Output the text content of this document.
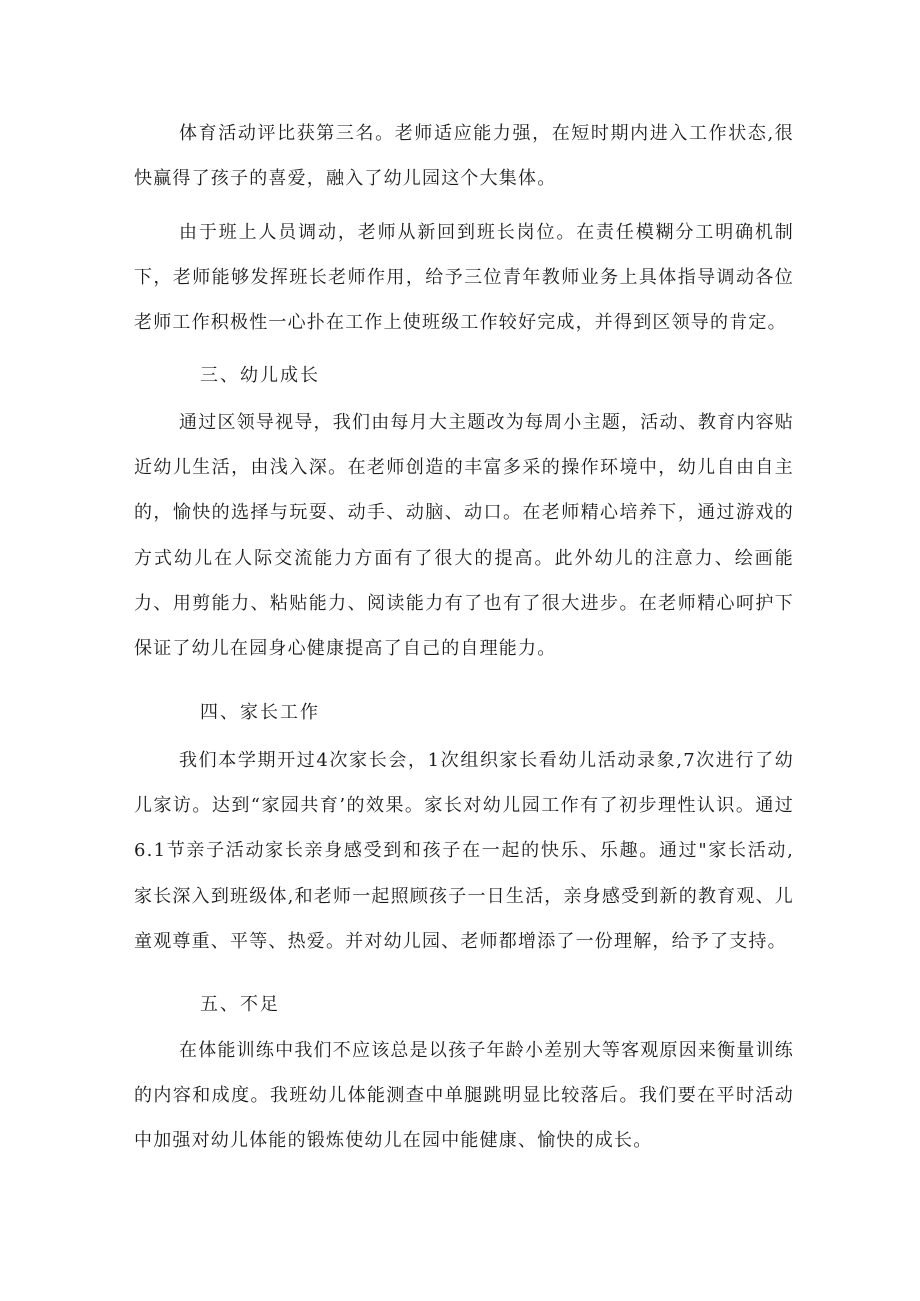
体育活动评比获第三名。老师适应能力强，在短时期内进入工作状态,很快赢得了孩子的喜爱，融入了幼儿园这个大集体。

由于班上人员调动，老师从新回到班长岗位。在责任模糊分工明确机制下，老师能够发挥班长老师作用，给予三位青年教师业务上具体指导调动各位老师工作积极性一心扑在工作上使班级工作较好完成，并得到区领导的肯定。

三、幼儿成长

通过区领导视导，我们由每月大主题改为每周小主题，活动、教育内容贴近幼儿生活，由浅入深。在老师创造的丰富多采的操作环境中，幼儿自由自主的，愉快的选择与玩耍、动手、动脑、动口。在老师精心培养下，通过游戏的方式幼儿在人际交流能力方面有了很大的提高。此外幼儿的注意力、绘画能力、用剪能力、粘贴能力、阅读能力有了也有了很大进步。在老师精心呵护下保证了幼儿在园身心健康提高了自己的自理能力。

四、家长工作

我们本学期开过4次家长会，1次组织家长看幼儿活动录象,7次进行了幼儿家访。达到“家园共育’的效果。家长对幼儿园工作有了初步理性认识。通过6.1节亲子活动家长亲身感受到和孩子在一起的快乐、乐趣。通过"家长活动,家长深入到班级体,和老师一起照顾孩子一日生活，亲身感受到新的教育观、儿童观尊重、平等、热爱。并对幼儿园、老师都增添了一份理解，给予了支持。

五、不足

在体能训练中我们不应该总是以孩子年龄小差别大等客观原因来衡量训练的内容和成度。我班幼儿体能测查中单腿跳明显比较落后。我们要在平时活动中加强对幼儿体能的锻炼使幼儿在园中能健康、愉快的成长。
